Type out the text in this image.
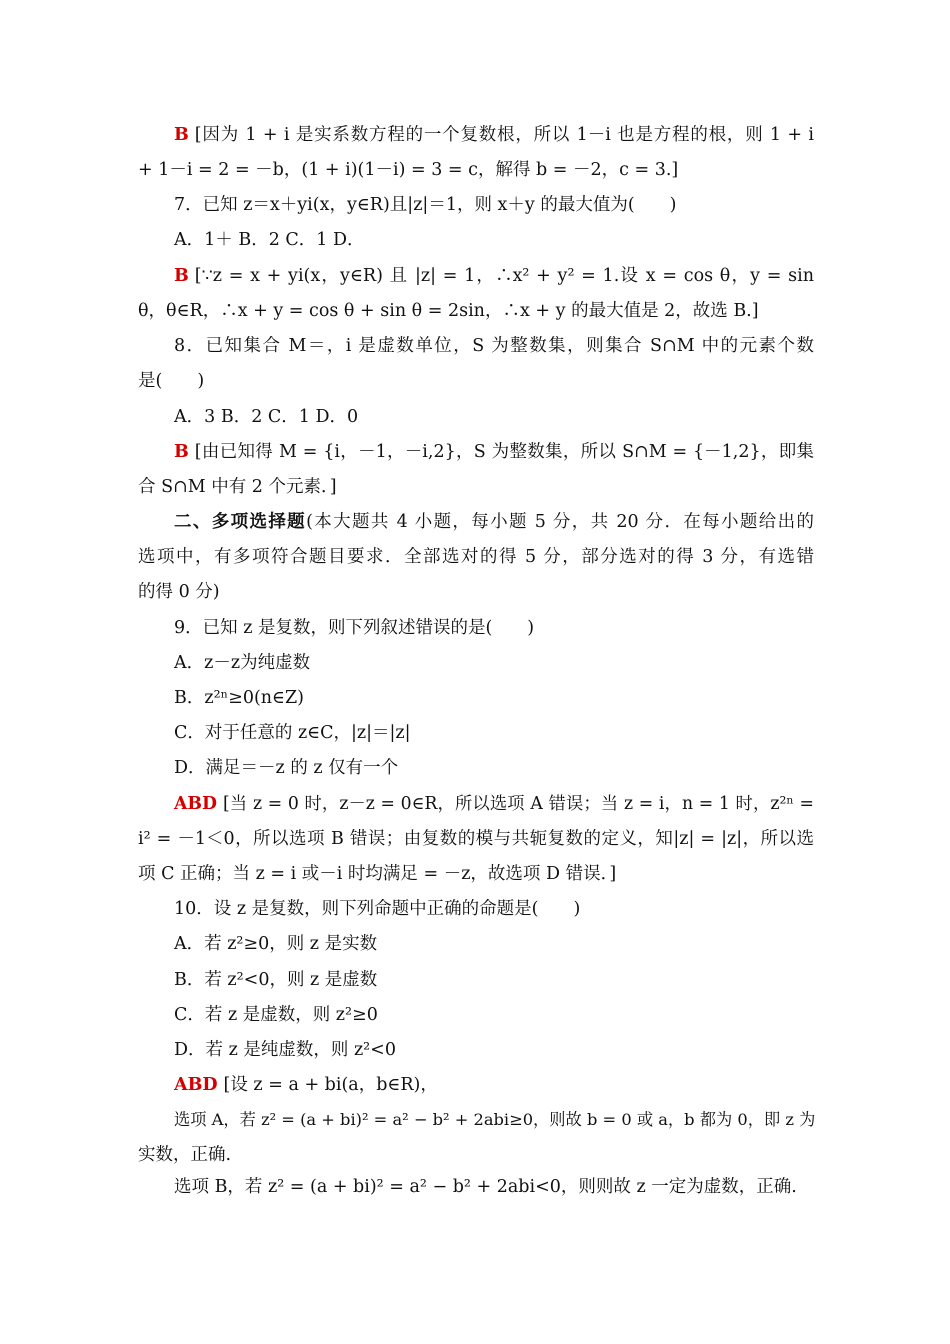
B [因为 1 + i 是实系数方程的一个复数根，所以 1－i 也是方程的根，则 1 + i
+ 1－i = 2 = －b，(1 + i)(1－i) = 3 = c，解得 b = －2，c = 3.]
7．已知 z＝x＋yi(x，y∈R)且|z|＝1，则 x＋y 的最大值为(　　)
A．1＋ B．2 C．1 D．
B [∵z = x + yi(x，y∈R) 且 |z| = 1，∴x² + y² = 1.设 x = cos θ，y = sin
θ，θ∈R，∴x + y = cos θ + sin θ = 2sin，∴x + y 的最大值是 2，故选 B.]
8．已知集合 M＝，i 是虚数单位，S 为整数集，则集合 S∩M 中的元素个数
是(　　)
A．3 B．2 C．1 D．0
B [由已知得 M = {i，－1，－i,2}，S 为整数集，所以 S∩M = {－1,2}，即集
合 S∩M 中有 2 个元素．]
二、多项选择题(本大题共 4 小题，每小题 5 分，共 20 分．在每小题给出的
选项中，有多项符合题目要求．全部选对的得 5 分，部分选对的得 3 分，有选错
的得 0 分)
9．已知 z 是复数，则下列叙述错误的是(　　)
A．z－z为纯虚数
B．z²ⁿ≥0(n∈Z)
C．对于任意的 z∈C，|z|＝|z|
D．满足＝－z 的 z 仅有一个
ABD [当 z = 0 时，z－z = 0∈R，所以选项 A 错误；当 z = i，n = 1 时，z²ⁿ =
i² = －1＜0，所以选项 B 错误；由复数的模与共轭复数的定义，知|z| = |z|，所以选
项 C 正确；当 z = i 或－i 时均满足 = －z，故选项 D 错误．]
10．设 z 是复数，则下列命题中正确的命题是(　　)
A．若 z²≥0，则 z 是实数
B．若 z²<0，则 z 是虚数
C．若 z 是虚数，则 z²≥0
D．若 z 是纯虚数，则 z²<0
ABD [设 z = a + bi(a，b∈R)，
选项 A，若 z² = (a + bi)² = a² − b² + 2abi≥0，则故 b = 0 或 a，b 都为 0，即 z 为
实数，正确.
选项 B，若 z² = (a + bi)² = a² − b² + 2abi<0，则则故 z 一定为虚数，正确.
